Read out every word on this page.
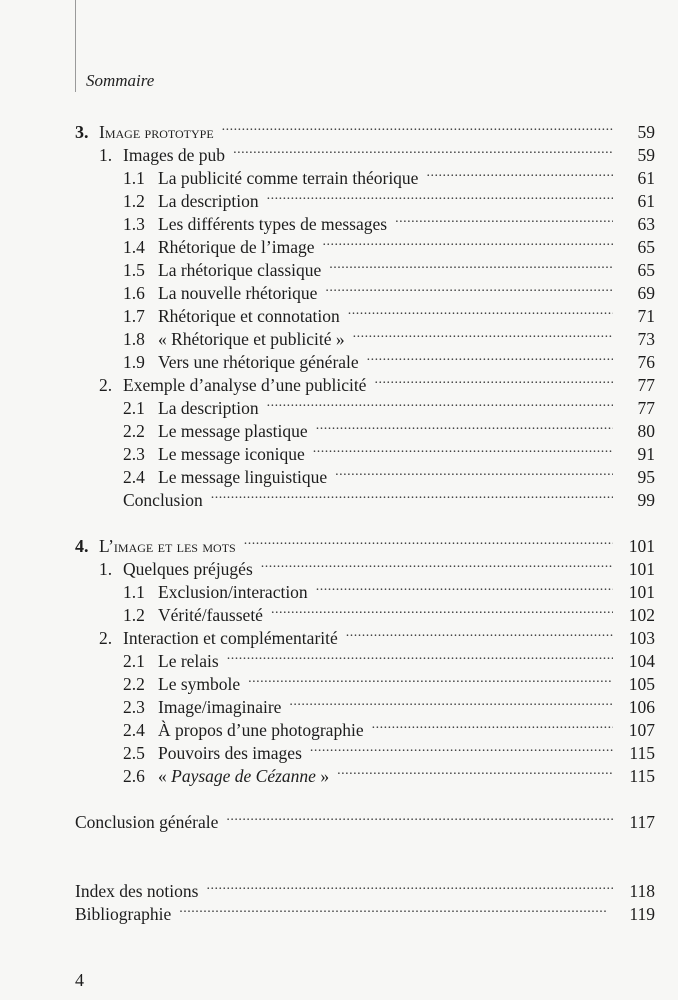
Sommaire
3. Image prototype . . .	59
1. Images de pub . . .	59
1.1 La publicité comme terrain théorique . . .	61
1.2 La description . . .	61
1.3 Les différents types de messages . . .	63
1.4 Rhétorique de l’image . . .	65
1.5 La rhétorique classique . . .	65
1.6 La nouvelle rhétorique . . .	69
1.7 Rhétorique et connotation . . .	71
1.8 « Rhétorique et publicité » . . .	73
1.9 Vers une rhétorique générale . . .	76
2. Exemple d’analyse d’une publicité . . .	77
2.1 La description . . .	77
2.2 Le message plastique . . .	80
2.3 Le message iconique . . .	91
2.4 Le message linguistique . . .	95
Conclusion . . .	99
4. L’image et les mots . . .	101
1. Quelques préjugés . . .	101
1.1 Exclusion/interaction . . .	101
1.2 Vérité/fausseté . . .	102
2. Interaction et complémentarité . . .	103
2.1 Le relais . . .	104
2.2 Le symbole . . .	105
2.3 Image/imaginaire . . .	106
2.4 À propos d’une photographie . . .	107
2.5 Pouvoirs des images . . .	115
2.6 « Paysage de Cézanne » . . .	115
Conclusion générale . . .	117
Index des notions . . .	118
Bibliographie . . .	119
4
